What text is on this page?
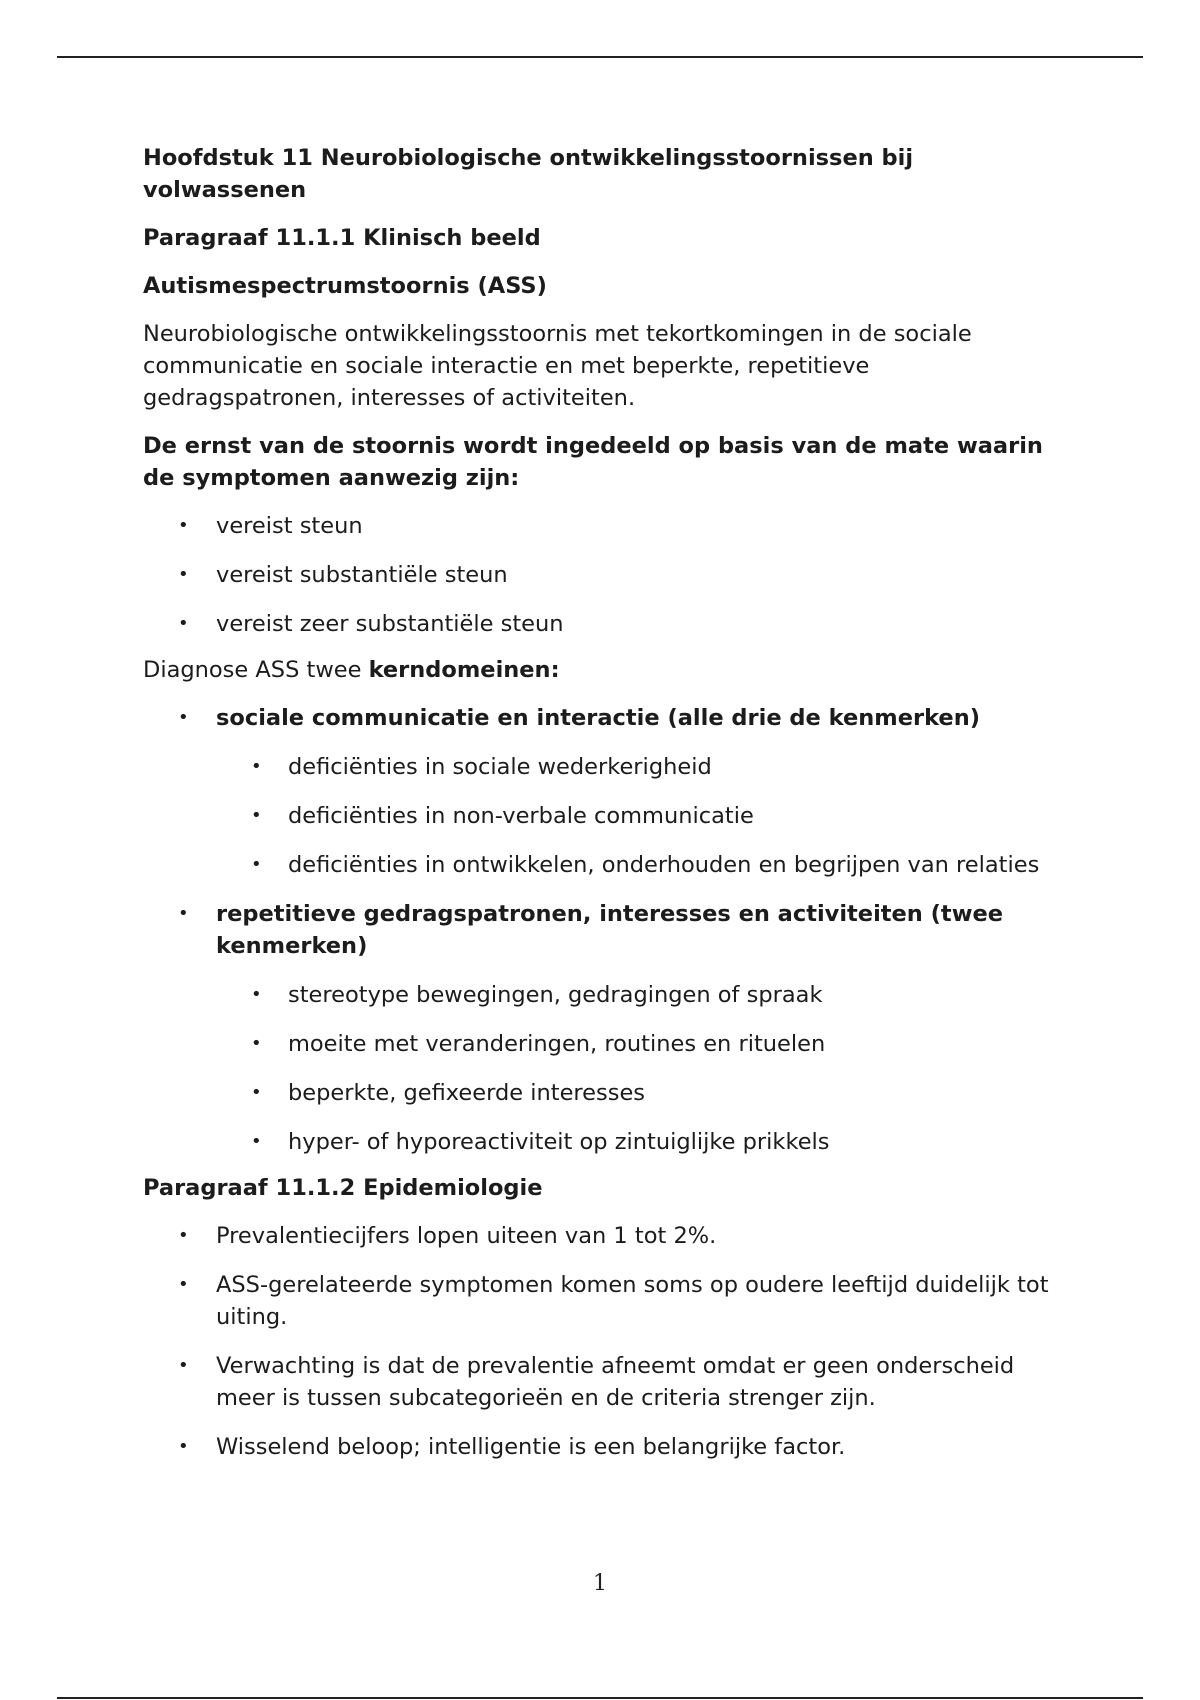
Hoofdstuk 11 Neurobiologische ontwikkelingsstoornissen bij volwassenen

Paragraaf 11.1.1 Klinisch beeld

Autismespectrumstoornis (ASS)

Neurobiologische ontwikkelingsstoornis met tekortkomingen in de sociale communicatie en sociale interactie en met beperkte, repetitieve gedragspatronen, interesses of activiteiten.

De ernst van de stoornis wordt ingedeeld op basis van de mate waarin de symptomen aanwezig zijn:

• vereist steun
• vereist substantiële steun
• vereist zeer substantiële steun

Diagnose ASS twee kerndomeinen:

• sociale communicatie en interactie (alle drie de kenmerken)
• deficiënties in sociale wederkerigheid
• deficiënties in non-verbale communicatie
• deficiënties in ontwikkelen, onderhouden en begrijpen van relaties
• repetitieve gedragspatronen, interesses en activiteiten (twee kenmerken)
• stereotype bewegingen, gedragingen of spraak
• moeite met veranderingen, routines en rituelen
• beperkte, gefixeerde interesses
• hyper- of hyporeactiviteit op zintuiglijke prikkels

Paragraaf 11.1.2 Epidemiologie

• Prevalentiecijfers lopen uiteen van 1 tot 2%.
• ASS-gerelateerde symptomen komen soms op oudere leeftijd duidelijk tot uiting.
• Verwachting is dat de prevalentie afneemt omdat er geen onderscheid meer is tussen subcategorieën en de criteria strenger zijn.
• Wisselend beloop; intelligentie is een belangrijke factor.
1
